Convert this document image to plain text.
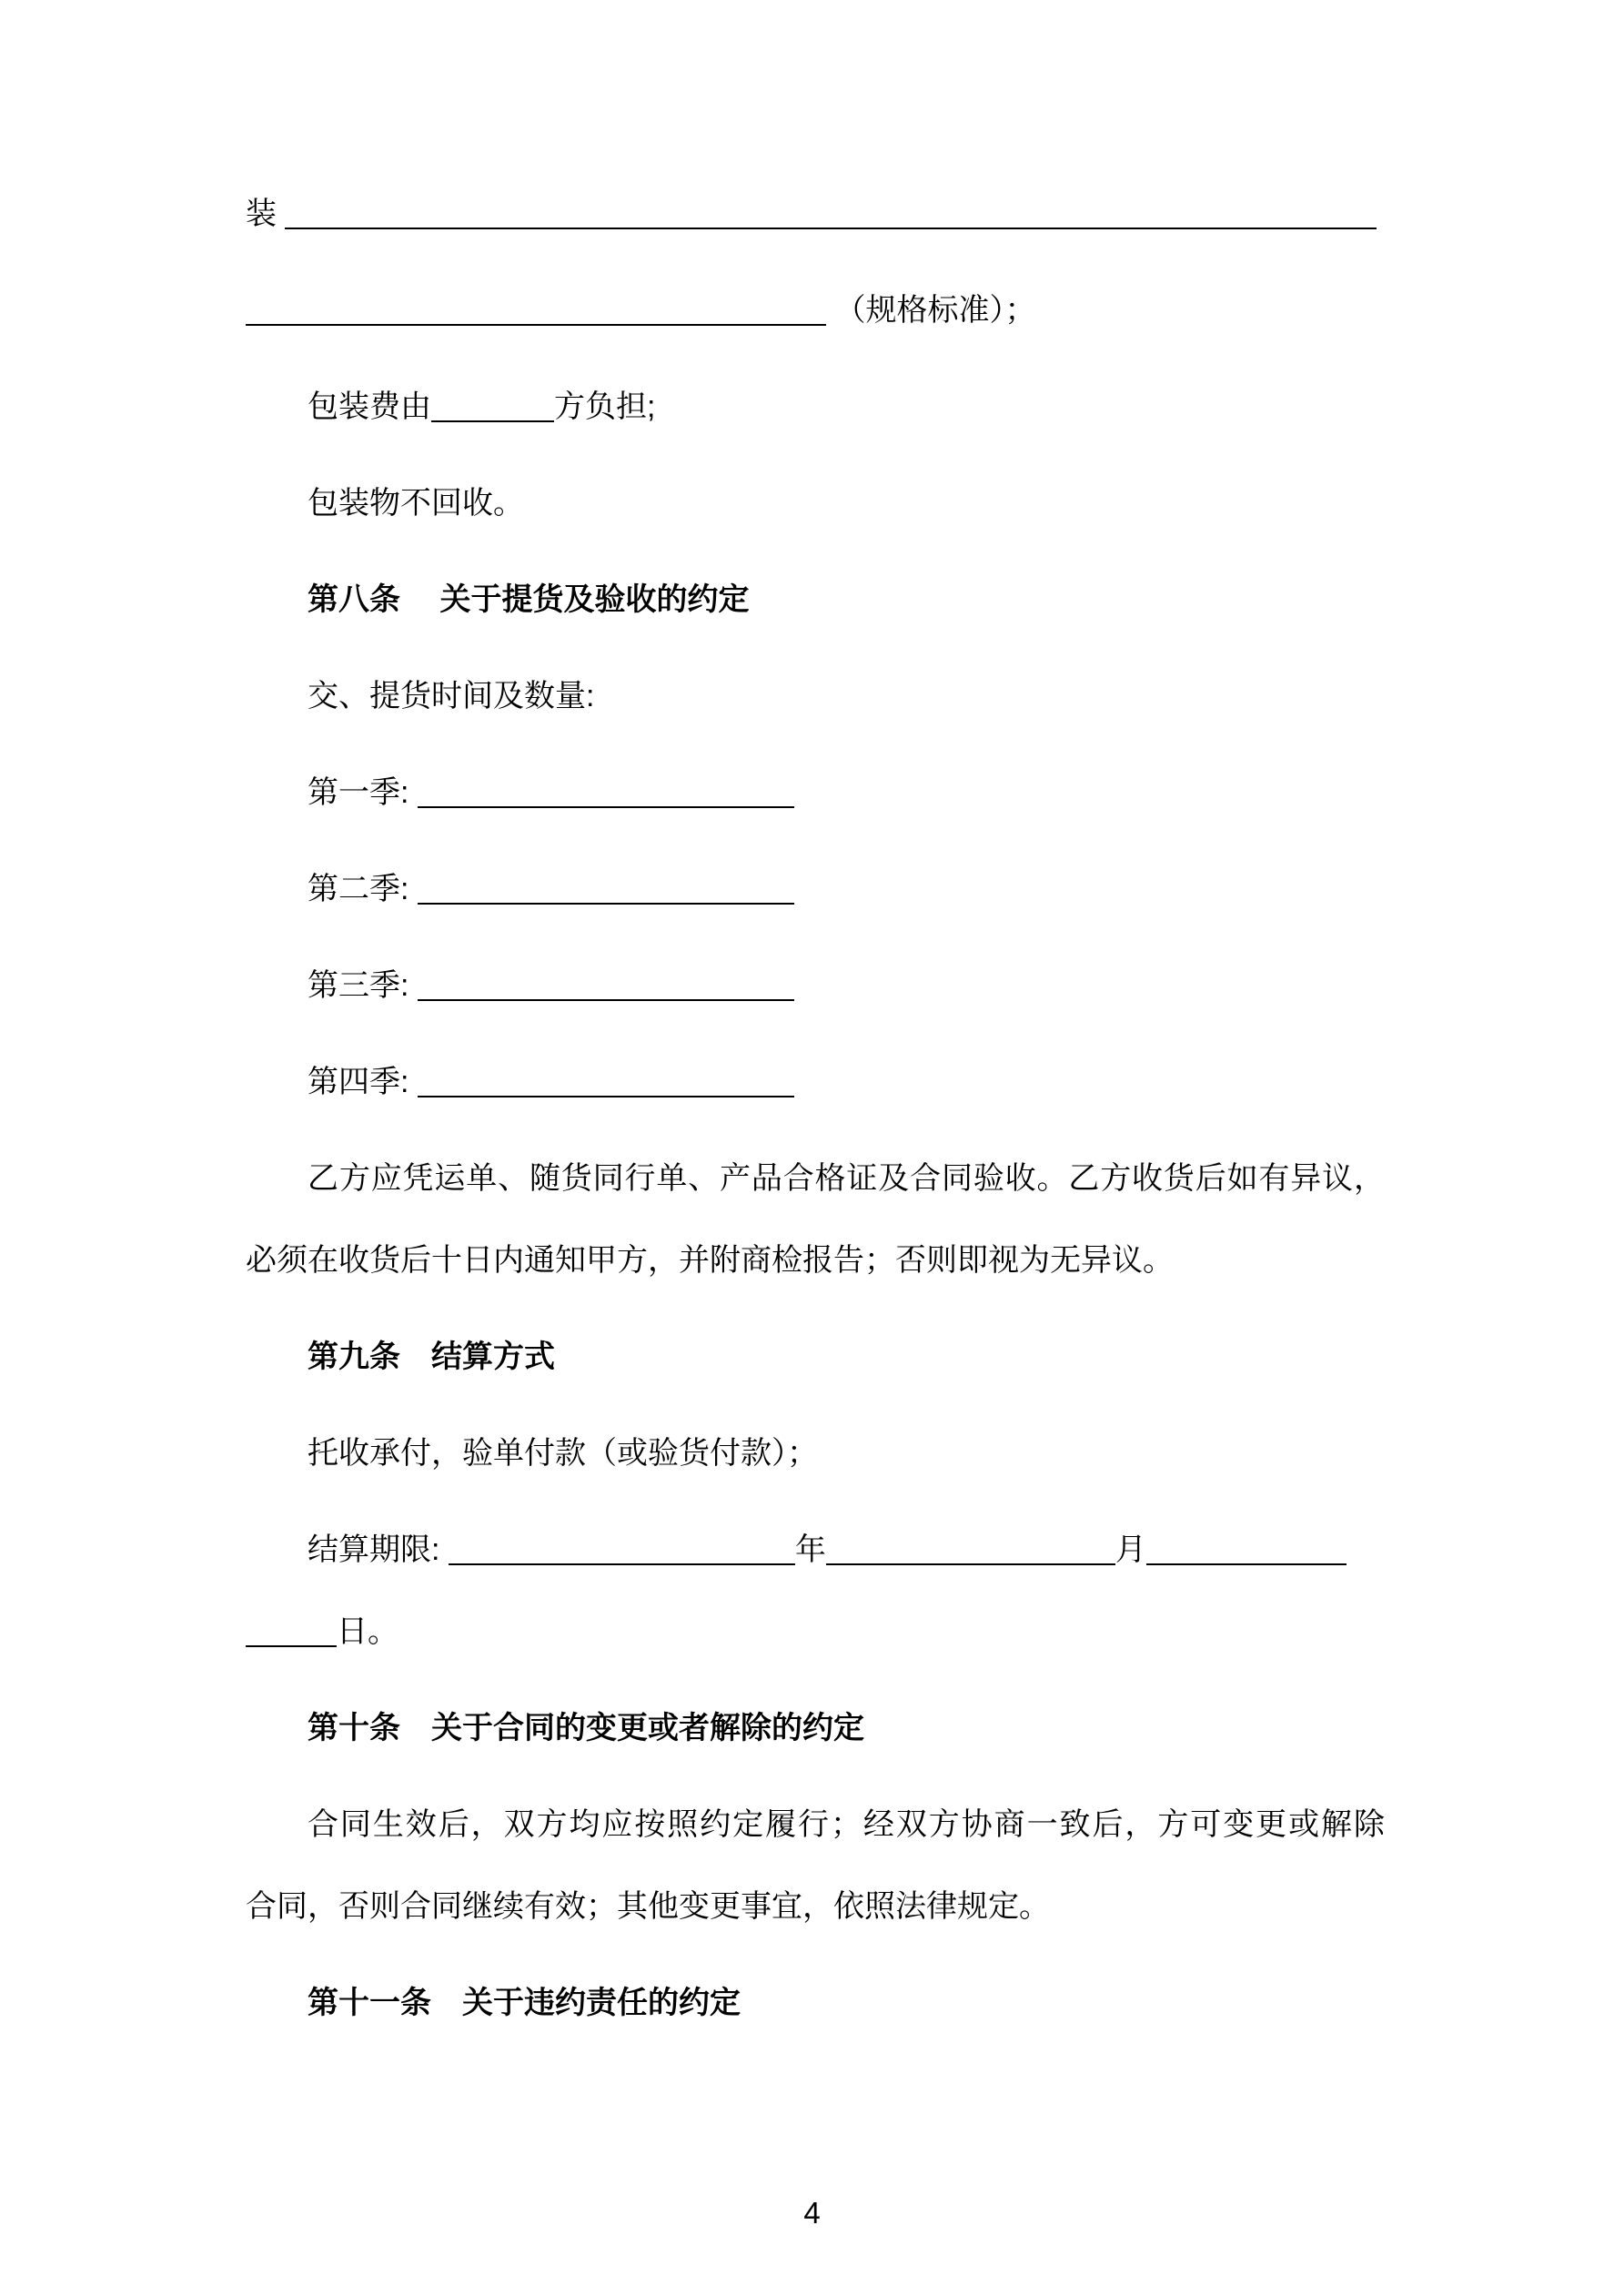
装
（规格标准）；
包装费由	方负担;
包装物不回收。
第八条　 关于提货及验收的约定
交、提货时间及数量:
第一季:
第二季:
第三季:
第四季:
乙方应凭运单、随货同行单、产品合格证及合同验收。乙方收货后如有异议，
必须在收货后十日内通知甲方，并附商检报告；否则即视为无异议。
第九条　结算方式
托收承付，验单付款（或验货付款）；
结算期限:	年	月
日。
第十条　关于合同的变更或者解除的约定
合同生效后，双方均应按照约定履行；经双方协商一致后，方可变更或解除
合同，否则合同继续有效；其他变更事宜，依照法律规定。
第十一条　关于违约责任的约定
4
